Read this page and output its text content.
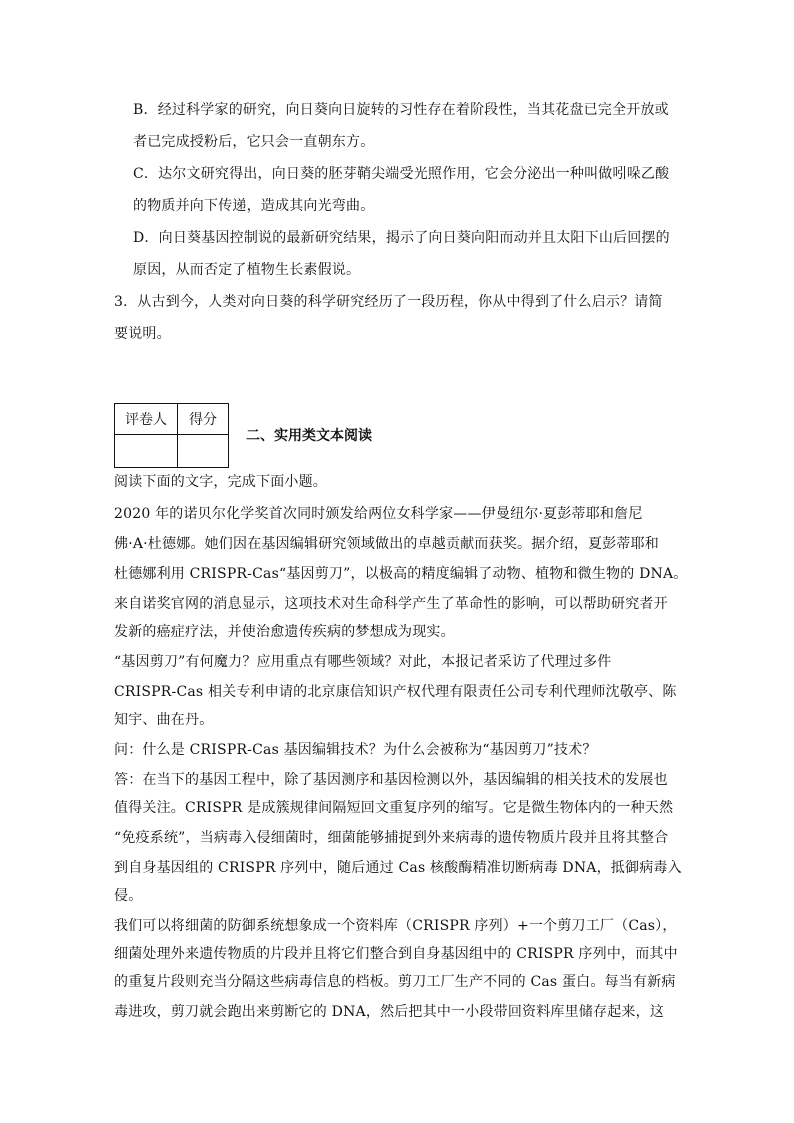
B．经过科学家的研究，向日葵向日旋转的习性存在着阶段性，当其花盘已完全开放或
者已完成授粉后，它只会一直朝东方。
C．达尔文研究得出，向日葵的胚芽鞘尖端受光照作用，它会分泌出一种叫做吲哚乙酸
的物质并向下传递，造成其向光弯曲。
D．向日葵基因控制说的最新研究结果，揭示了向日葵向阳而动并且太阳下山后回摆的
原因，从而否定了植物生长素假说。
3．从古到今，人类对向日葵的科学研究经历了一段历程，你从中得到了什么启示？请简
要说明。
评卷人	得分

二、实用类文本阅读
阅读下面的文字，完成下面小题。
2020 年的诺贝尔化学奖首次同时颁发给两位女科学家——伊曼纽尔·夏彭蒂耶和詹尼
佛·A·杜德娜。她们因在基因编辑研究领域做出的卓越贡献而获奖。据介绍，夏彭蒂耶和
杜德娜利用 CRISPR-Cas“基因剪刀”，以极高的精度编辑了动物、植物和微生物的 DNA。
来自诺奖官网的消息显示，这项技术对生命科学产生了革命性的影响，可以帮助研究者开
发新的癌症疗法，并使治愈遗传疾病的梦想成为现实。
“基因剪刀”有何魔力？应用重点有哪些领域？对此，本报记者采访了代理过多件
CRISPR-Cas 相关专利申请的北京康信知识产权代理有限责任公司专利代理师沈敬亭、陈
知宇、曲在丹。
问：什么是 CRISPR-Cas 基因编辑技术？为什么会被称为“基因剪刀”技术？
答：在当下的基因工程中，除了基因测序和基因检测以外，基因编辑的相关技术的发展也
值得关注。CRISPR 是成簇规律间隔短回文重复序列的缩写。它是微生物体内的一种天然
“免疫系统”，当病毒入侵细菌时，细菌能够捕捉到外来病毒的遗传物质片段并且将其整合
到自身基因组的 CRISPR 序列中，随后通过 Cas 核酸酶精准切断病毒 DNA，抵御病毒入
侵。
我们可以将细菌的防御系统想象成一个资料库（CRISPR 序列）+一个剪刀工厂（Cas），
细菌处理外来遗传物质的片段并且将它们整合到自身基因组中的 CRISPR 序列中，而其中
的重复片段则充当分隔这些病毒信息的档板。剪刀工厂生产不同的 Cas 蛋白。每当有新病
毒进攻，剪刀就会跑出来剪断它的 DNA，然后把其中一小段带回资料库里储存起来，这
